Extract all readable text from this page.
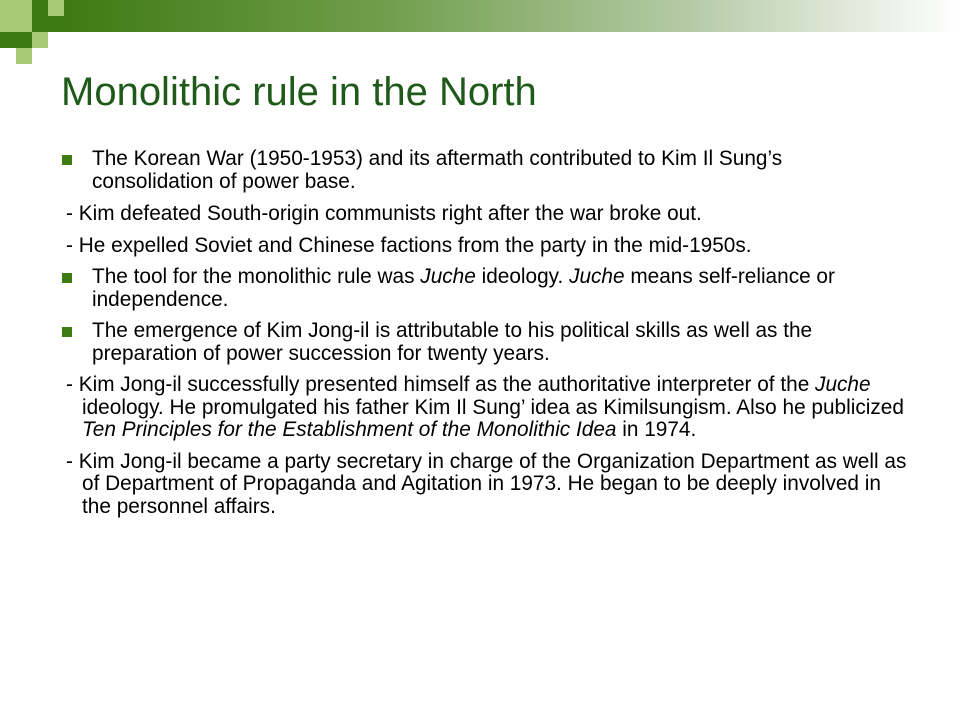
Monolithic rule in the North
The Korean War (1950-1953) and its aftermath contributed to Kim Il Sung’s consolidation of power base.
- Kim defeated South-origin communists right after the war broke out.
- He expelled Soviet and Chinese factions from the party in the mid-1950s.
The tool for the monolithic rule was Juche ideology. Juche means self-reliance or independence.
The emergence of Kim Jong-il is attributable to his political skills as well as the preparation of power succession for twenty years.
- Kim Jong-il successfully presented himself as the authoritative interpreter of the Juche ideology. He promulgated his father Kim Il Sung’ idea as Kimilsungism. Also he publicized Ten Principles for the Establishment of the Monolithic Idea in 1974.
- Kim Jong-il became a party secretary in charge of the Organization Department as well as of Department of Propaganda and Agitation in 1973. He began to be deeply involved in the personnel affairs.
